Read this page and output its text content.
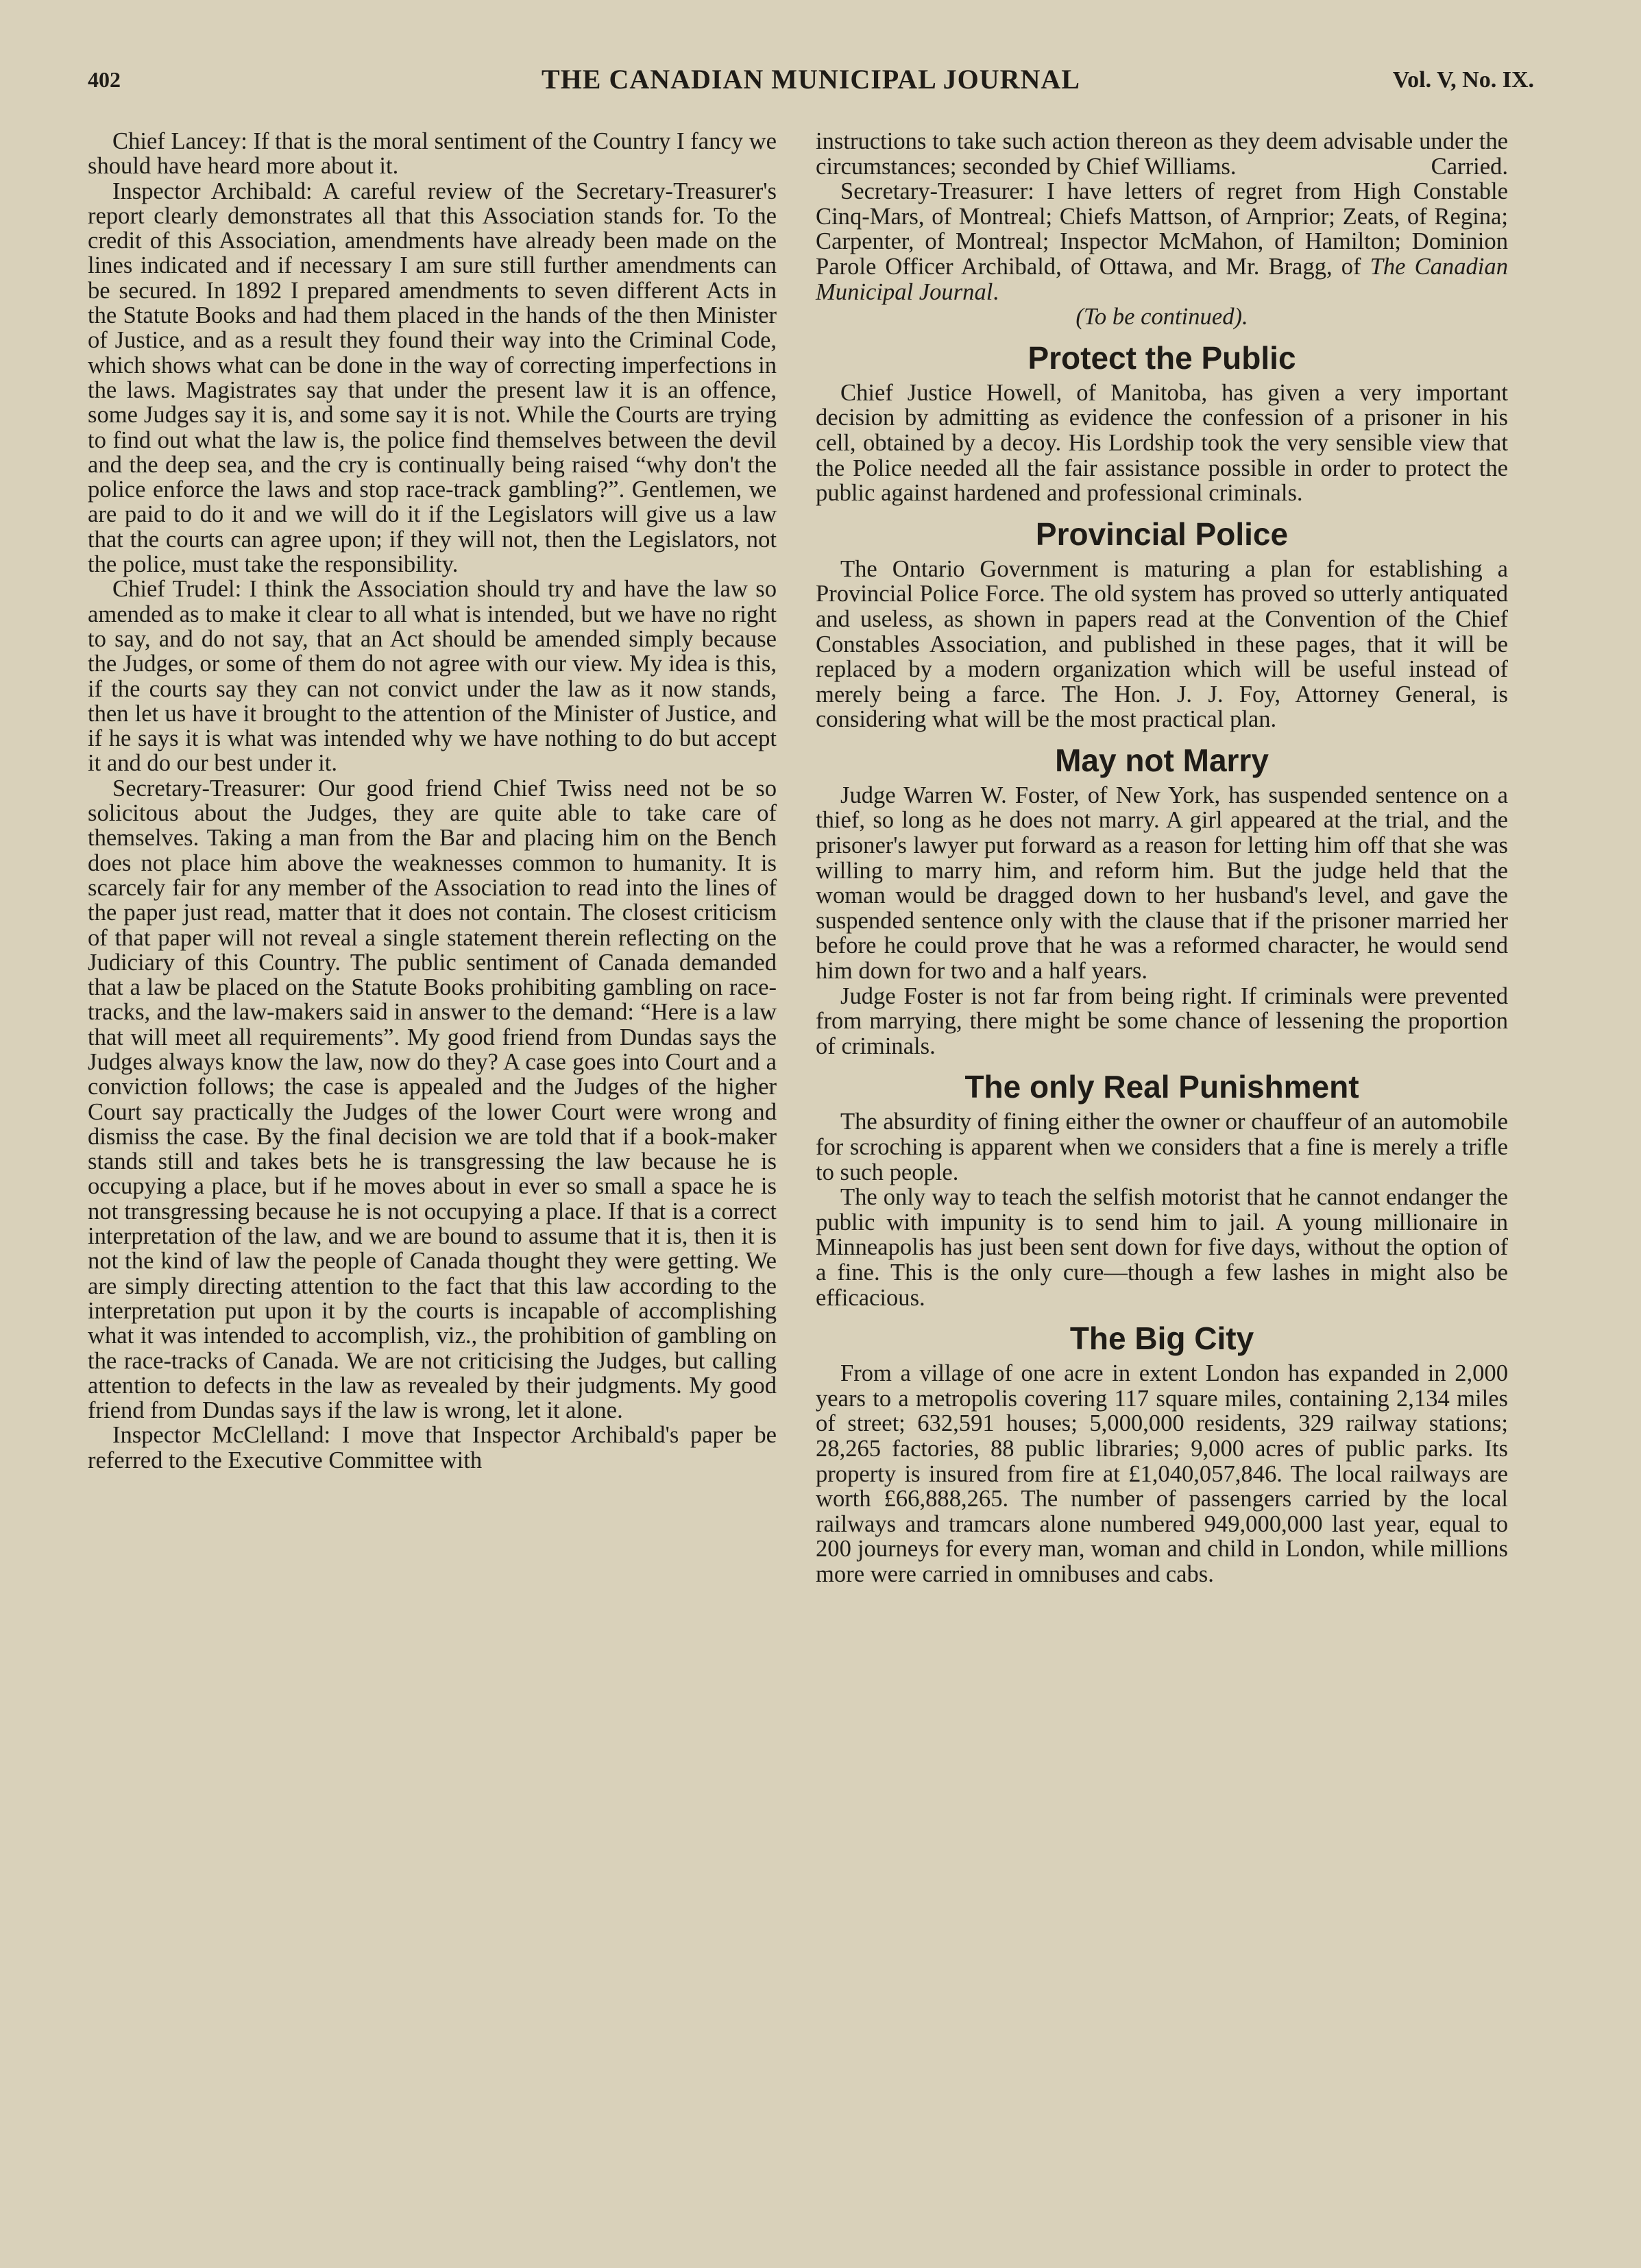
402	THE CANADIAN MUNICIPAL JOURNAL	Vol. V, No. IX.

Chief Lancey: If that is the moral sentiment of the Country I fancy we should have heard more about it.

Inspector Archibald: A careful review of the Secretary-Treasurer's report clearly demonstrates all that this Association stands for. To the credit of this Association, amendments have already been made on the lines indicated and if necessary I am sure still further amendments can be secured. In 1892 I prepared amendments to seven different Acts in the Statute Books and had them placed in the hands of the then Minister of Justice, and as a result they found their way into the Criminal Code, which shows what can be done in the way of correcting imperfections in the laws. Magistrates say that under the present law it is an offence, some Judges say it is, and some say it is not. While the Courts are trying to find out what the law is, the police find themselves between the devil and the deep sea, and the cry is continually being raised “why don't the police enforce the laws and stop race-track gambling?”. Gentlemen, we are paid to do it and we will do it if the Legislators will give us a law that the courts can agree upon; if they will not, then the Legislators, not the police, must take the responsibility.

Chief Trudel: I think the Association should try and have the law so amended as to make it clear to all what is intended, but we have no right to say, and do not say, that an Act should be amended simply because the Judges, or some of them do not agree with our view. My idea is this, if the courts say they can not convict under the law as it now stands, then let us have it brought to the attention of the Minister of Justice, and if he says it is what was intended why we have nothing to do but accept it and do our best under it.

Secretary-Treasurer: Our good friend Chief Twiss need not be so solicitous about the Judges, they are quite able to take care of themselves. Taking a man from the Bar and placing him on the Bench does not place him above the weaknesses common to humanity. It is scarcely fair for any member of the Association to read into the lines of the paper just read, matter that it does not contain. The closest criticism of that paper will not reveal a single statement therein reflecting on the Judiciary of this Country. The public sentiment of Canada demanded that a law be placed on the Statute Books prohibiting gambling on race-tracks, and the law-makers said in answer to the demand: “Here is a law that will meet all requirements”. My good friend from Dundas says the Judges always know the law, now do they? A case goes into Court and a conviction follows; the case is appealed and the Judges of the higher Court say practically the Judges of the lower Court were wrong and dismiss the case. By the final decision we are told that if a book-maker stands still and takes bets he is transgressing the law because he is occupying a place, but if he moves about in ever so small a space he is not transgressing because he is not occupying a place. If that is a correct interpretation of the law, and we are bound to assume that it is, then it is not the kind of law the people of Canada thought they were getting. We are simply directing attention to the fact that this law according to the interpretation put upon it by the courts is incapable of accomplishing what it was intended to accomplish, viz., the prohibition of gambling on the race-tracks of Canada. We are not criticising the Judges, but calling attention to defects in the law as revealed by their judgments. My good friend from Dundas says if the law is wrong, let it alone.

Inspector McClelland: I move that Inspector Archibald's paper be referred to the Executive Committee with

instructions to take such action thereon as they deem advisable under the circumstances; seconded by Chief Williams.	Carried.

Secretary-Treasurer: I have letters of regret from High Constable Cinq-Mars, of Montreal; Chiefs Mattson, of Arnprior; Zeats, of Regina; Carpenter, of Montreal; Inspector McMahon, of Hamilton; Dominion Parole Officer Archibald, of Ottawa, and Mr. Bragg, of The Canadian Municipal Journal.

(To be continued).

Protect the Public

Chief Justice Howell, of Manitoba, has given a very important decision by admitting as evidence the confession of a prisoner in his cell, obtained by a decoy. His Lordship took the very sensible view that the Police needed all the fair assistance possible in order to protect the public against hardened and professional criminals.

Provincial Police

The Ontario Government is maturing a plan for establishing a Provincial Police Force. The old system has proved so utterly antiquated and useless, as shown in papers read at the Convention of the Chief Constables Association, and published in these pages, that it will be replaced by a modern organization which will be useful instead of merely being a farce. The Hon. J. J. Foy, Attorney General, is considering what will be the most practical plan.

May not Marry

Judge Warren W. Foster, of New York, has suspended sentence on a thief, so long as he does not marry. A girl appeared at the trial, and the prisoner's lawyer put forward as a reason for letting him off that she was willing to marry him, and reform him. But the judge held that the woman would be dragged down to her husband's level, and gave the suspended sentence only with the clause that if the prisoner married her before he could prove that he was a reformed character, he would send him down for two and a half years.

Judge Foster is not far from being right. If criminals were prevented from marrying, there might be some chance of lessening the proportion of criminals.

The only Real Punishment

The absurdity of fining either the owner or chauffeur of an automobile for scroching is apparent when we considers that a fine is merely a trifle to such people.

The only way to teach the selfish motorist that he cannot endanger the public with impunity is to send him to jail. A young millionaire in Minneapolis has just been sent down for five days, without the option of a fine. This is the only cure—though a few lashes in might also be efficacious.

The Big City

From a village of one acre in extent London has expanded in 2,000 years to a metropolis covering 117 square miles, containing 2,134 miles of street; 632,591 houses; 5,000,000 residents, 329 railway stations; 28,265 factories, 88 public libraries; 9,000 acres of public parks. Its property is insured from fire at £1,040,057,846. The local railways are worth £66,888,265. The number of passengers carried by the local railways and tramcars alone numbered 949,000,000 last year, equal to 200 journeys for every man, woman and child in London, while millions more were carried in omnibuses and cabs.
